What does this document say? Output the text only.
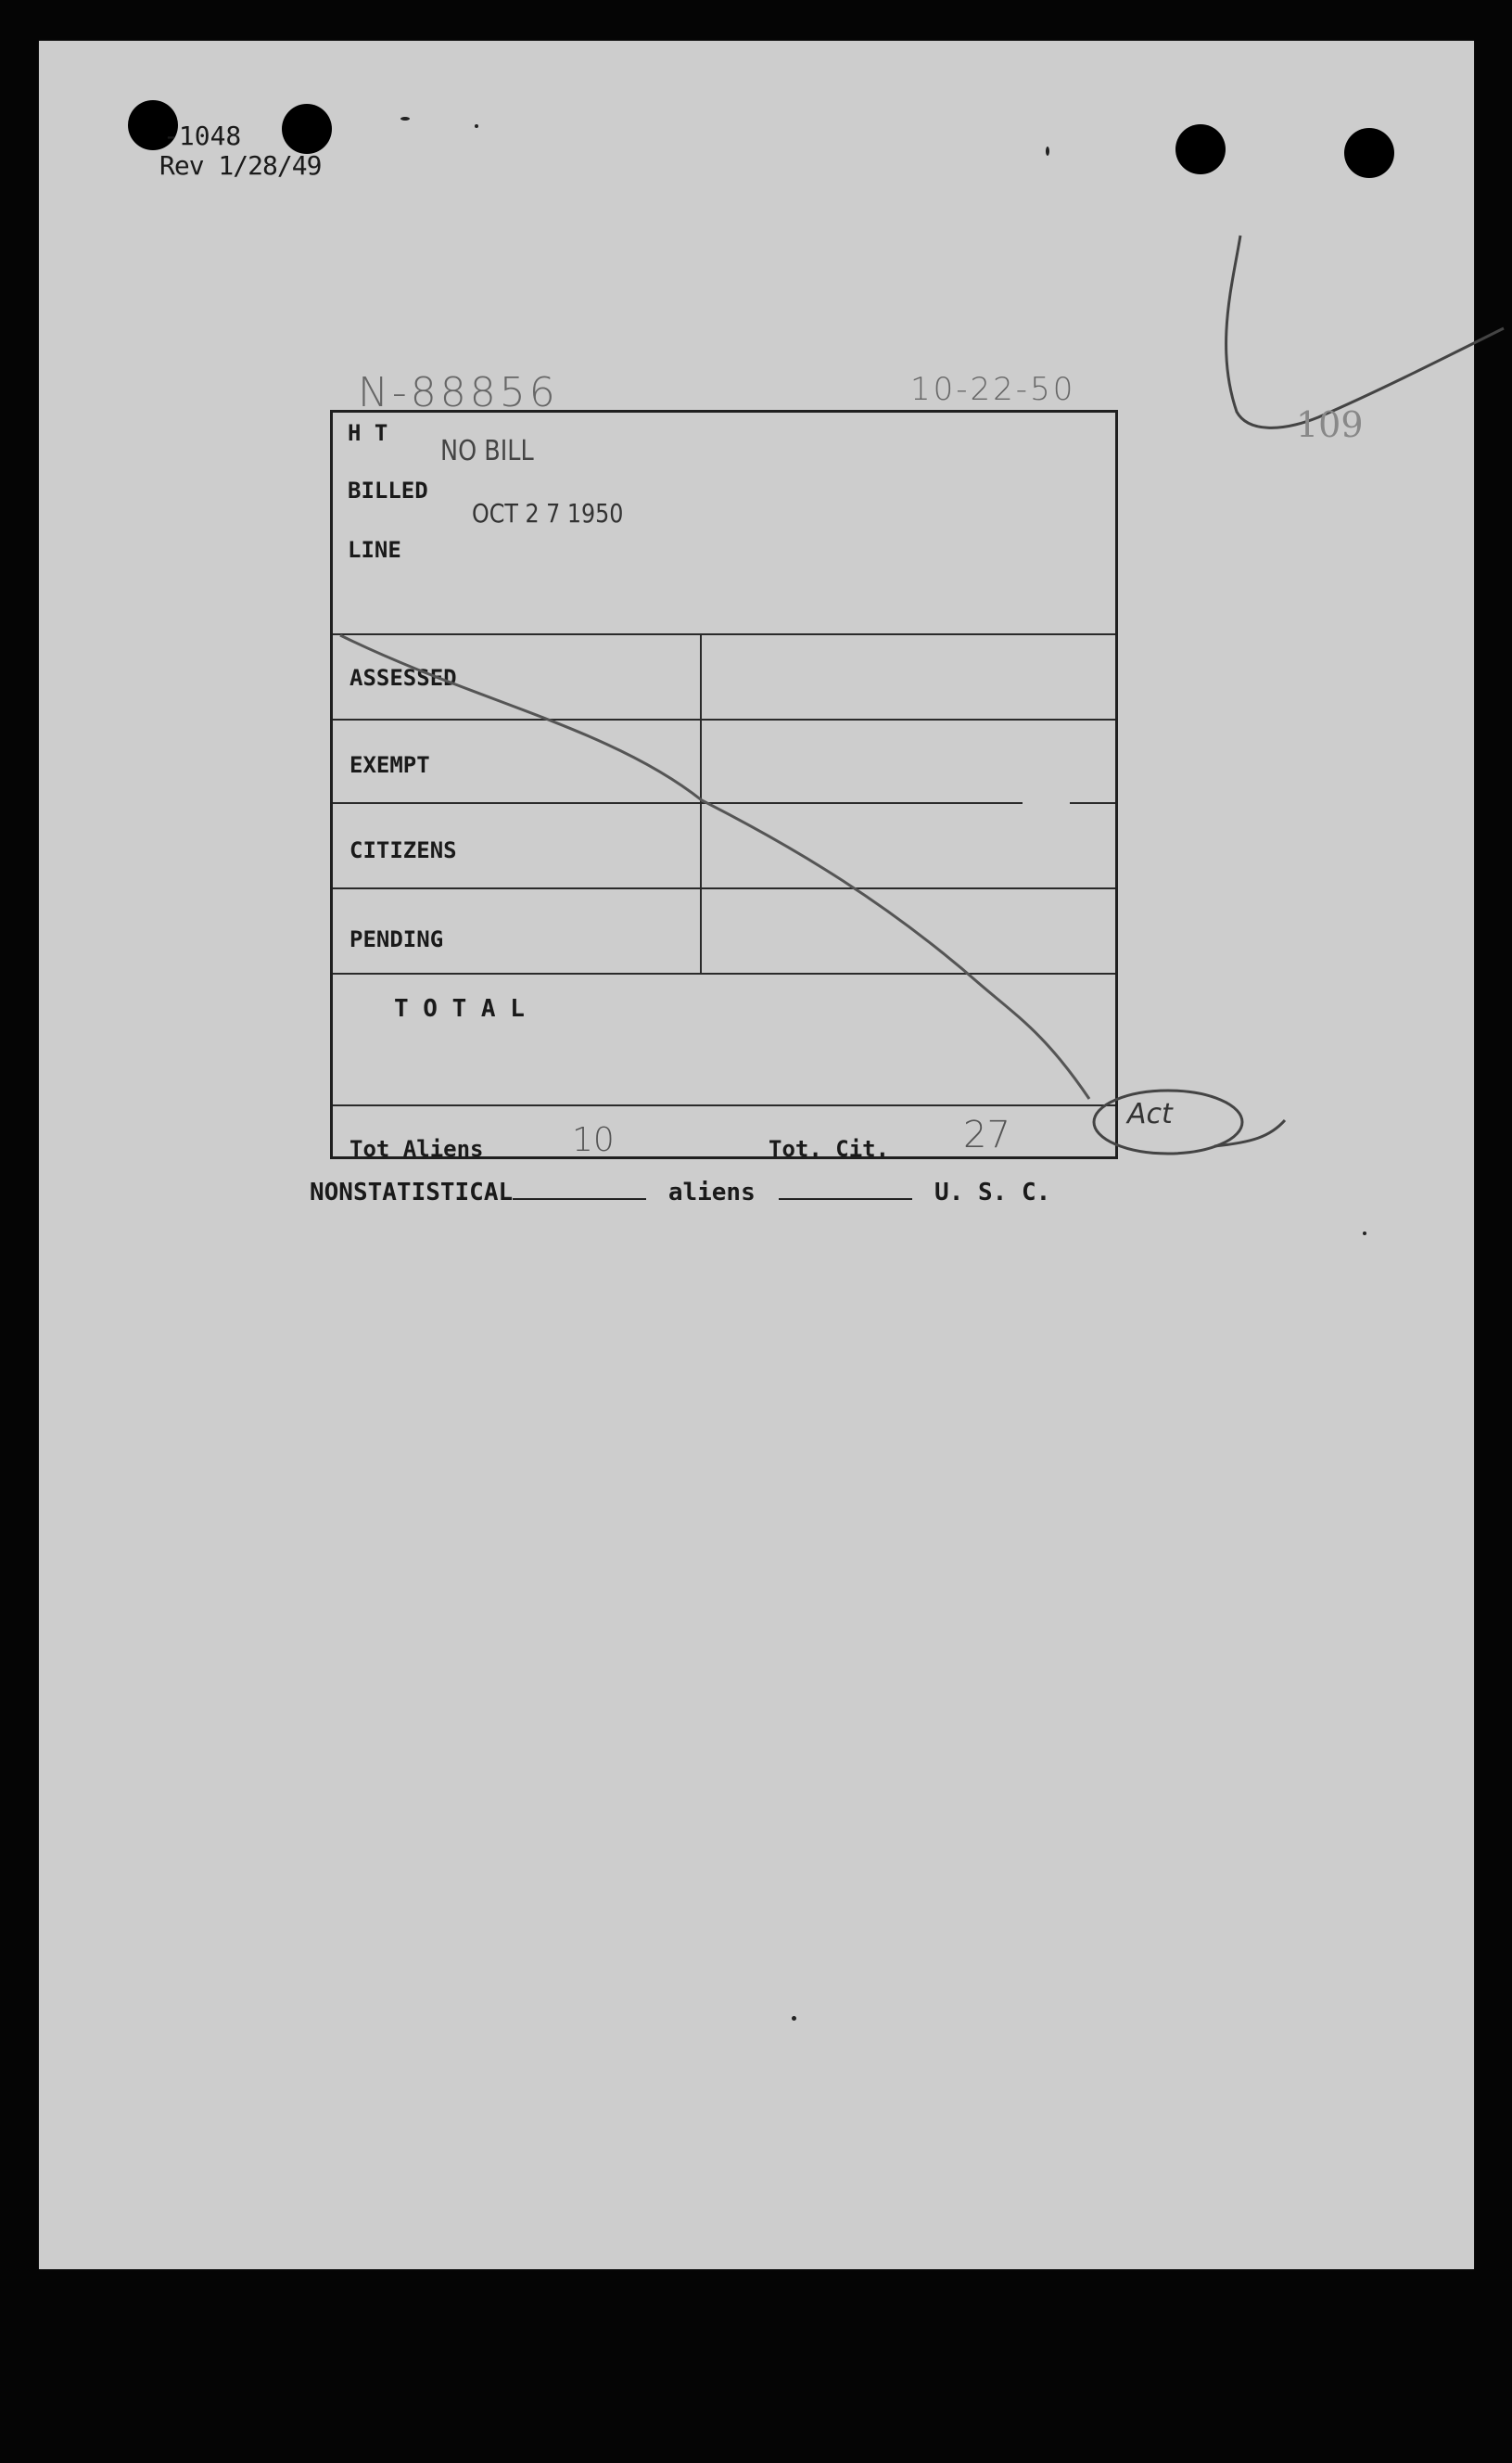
-1048
Rev 1/28/49
N-88856	10-22-50
109
H T
NO BILL
BILLED
OCT 2 7 1950
LINE
ASSESSED
EXEMPT
CITIZENS
PENDING
T O T A L
Tot Aliens	10	Tot. Cit. 27	Act
NONSTATISTICAL	aliens	U. S. C.
